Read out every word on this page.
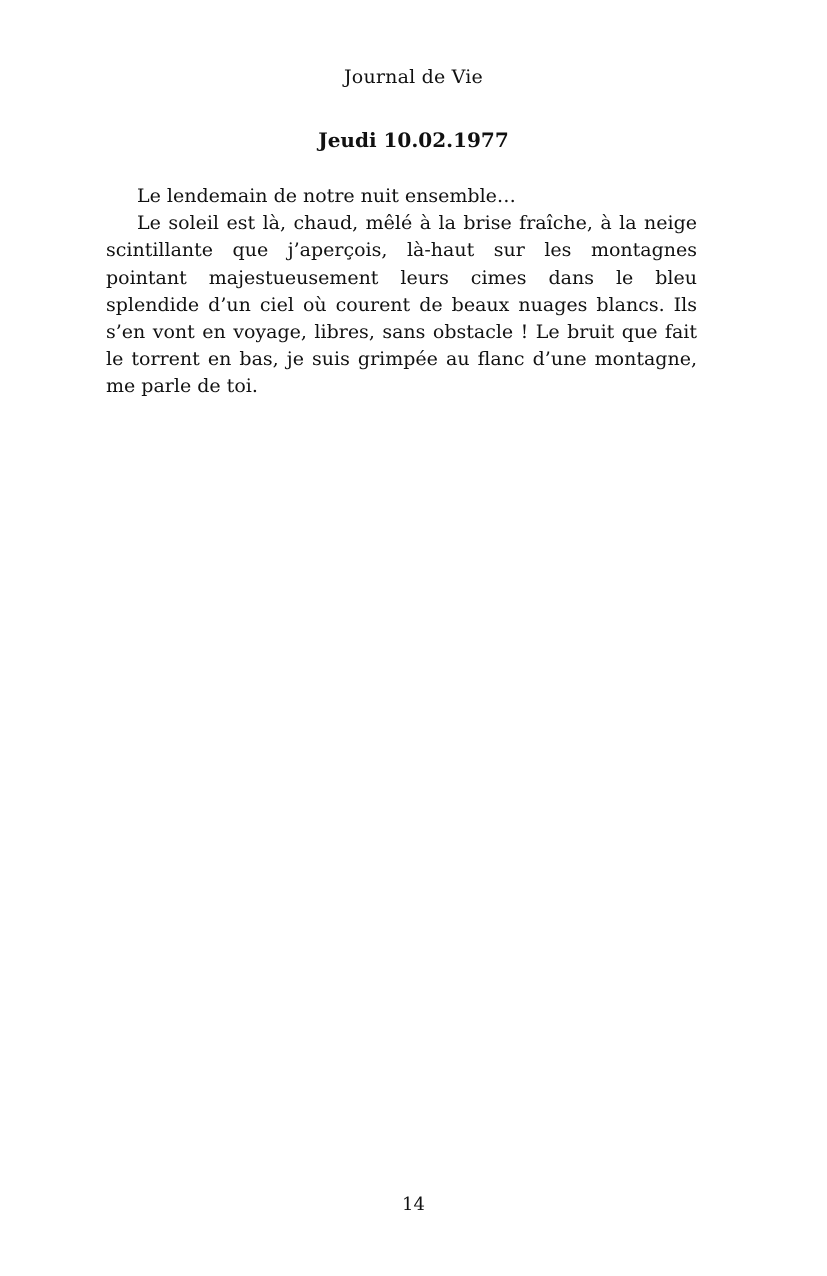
Journal de Vie
Jeudi 10.02.1977

Le lendemain de notre nuit ensemble…

Le soleil est là, chaud, mêlé à la brise fraîche, à la neige scintillante que j’aperçois, là-haut sur les montagnes pointant majestueusement leurs cimes dans le bleu splendide d’un ciel où courent de beaux nuages blancs. Ils s’en vont en voyage, libres, sans obstacle ! Le bruit que fait le torrent en bas, je suis grimpée au flanc d’une montagne, me parle de toi.

14
